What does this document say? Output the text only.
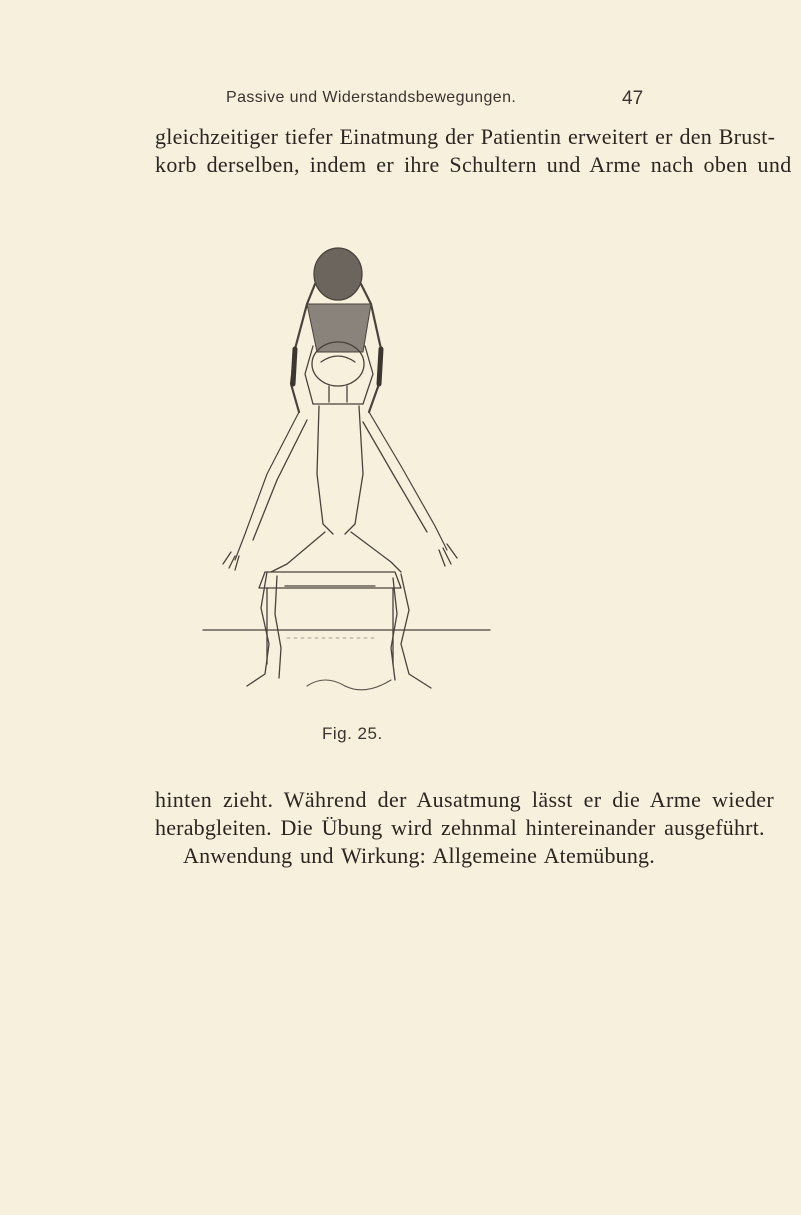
Passive und Widerstandsbewegungen.	47
gleichzeitiger tiefer Einatmung der Patientin erweitert er den Brust-
korb derselben, indem er ihre Schultern und Arme nach oben und
Fig. 25.
hinten zieht. Während der Ausatmung lässt er die Arme wieder
herabgleiten. Die Übung wird zehnmal hintereinander ausgeführt.
Anwendung und Wirkung: Allgemeine Atemübung.
